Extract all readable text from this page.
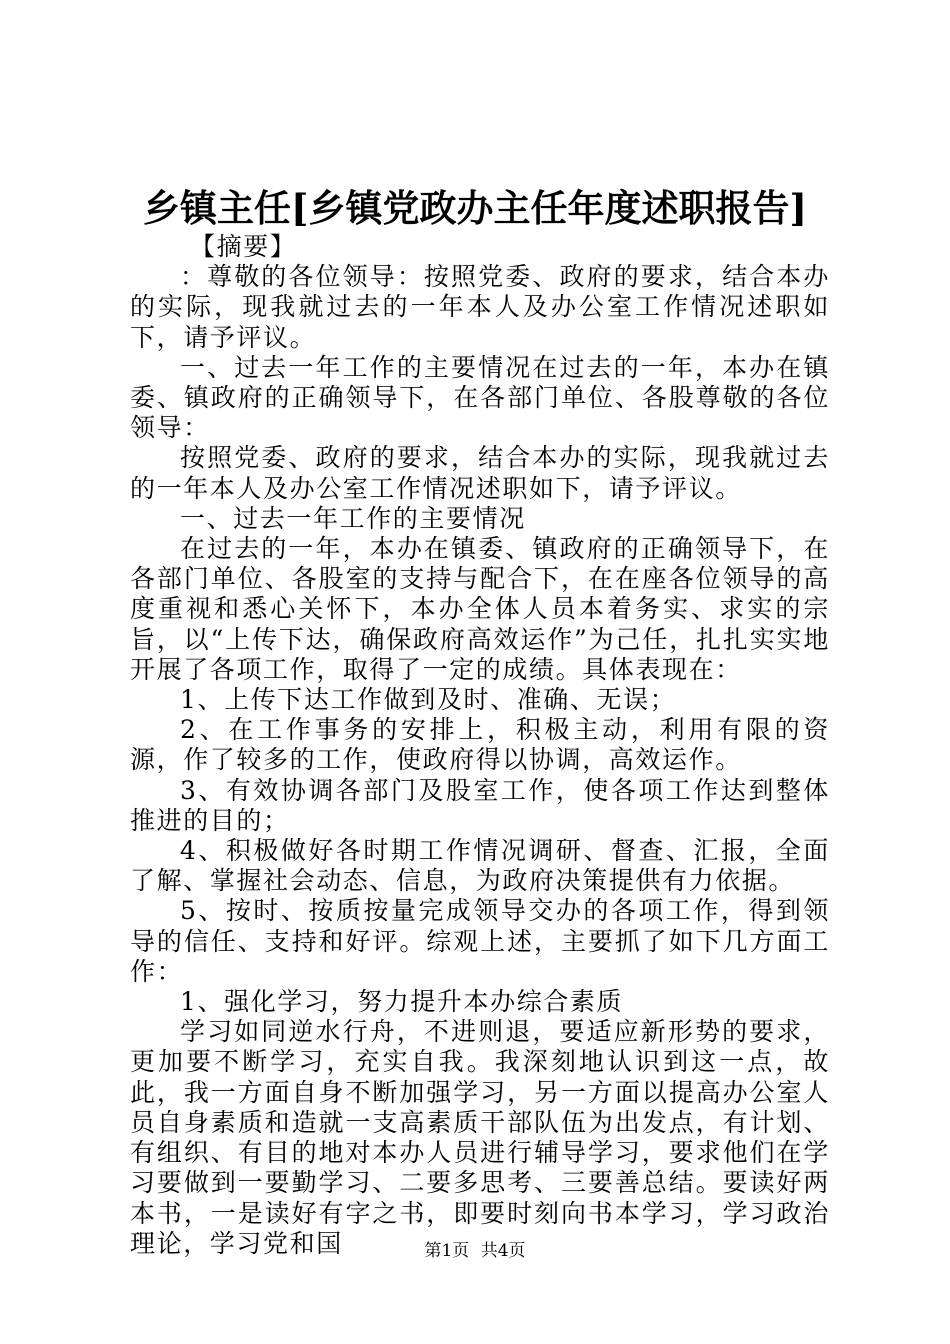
乡镇主任[乡镇党政办主任年度述职报告]

【摘要】

：尊敬的各位领导：按照党委、政府的要求，结合本办的实际，现我就过去的一年本人及办公室工作情况述职如下，请予评议。

一、过去一年工作的主要情况在过去的一年，本办在镇委、镇政府的正确领导下，在各部门单位、各股尊敬的各位领导：

按照党委、政府的要求，结合本办的实际，现我就过去的一年本人及办公室工作情况述职如下，请予评议。

一、过去一年工作的主要情况

在过去的一年，本办在镇委、镇政府的正确领导下，在各部门单位、各股室的支持与配合下，在在座各位领导的高度重视和悉心关怀下，本办全体人员本着务实、求实的宗旨，以“上传下达，确保政府高效运作”为己任，扎扎实实地开展了各项工作，取得了一定的成绩。具体表现在：

1、上传下达工作做到及时、准确、无误；

2、在工作事务的安排上，积极主动，利用有限的资源，作了较多的工作，使政府得以协调，高效运作。

3、有效协调各部门及股室工作，使各项工作达到整体推进的目的；

4、积极做好各时期工作情况调研、督查、汇报，全面了解、掌握社会动态、信息，为政府决策提供有力依据。

5、按时、按质按量完成领导交办的各项工作，得到领导的信任、支持和好评。综观上述，主要抓了如下几方面工作：

1、强化学习，努力提升本办综合素质

学习如同逆水行舟，不进则退，要适应新形势的要求，更加要不断学习，充实自我。我深刻地认识到这一点，故此，我一方面自身不断加强学习，另一方面以提高办公室人员自身素质和造就一支高素质干部队伍为出发点，有计划、有组织、有目的地对本办人员进行辅导学习，要求他们在学习要做到一要勤学习、二要多思考、三要善总结。要读好两本书，一是读好有字之书，即要时刻向书本学习，学习政治理论，学习党和国	第1页 共4页
